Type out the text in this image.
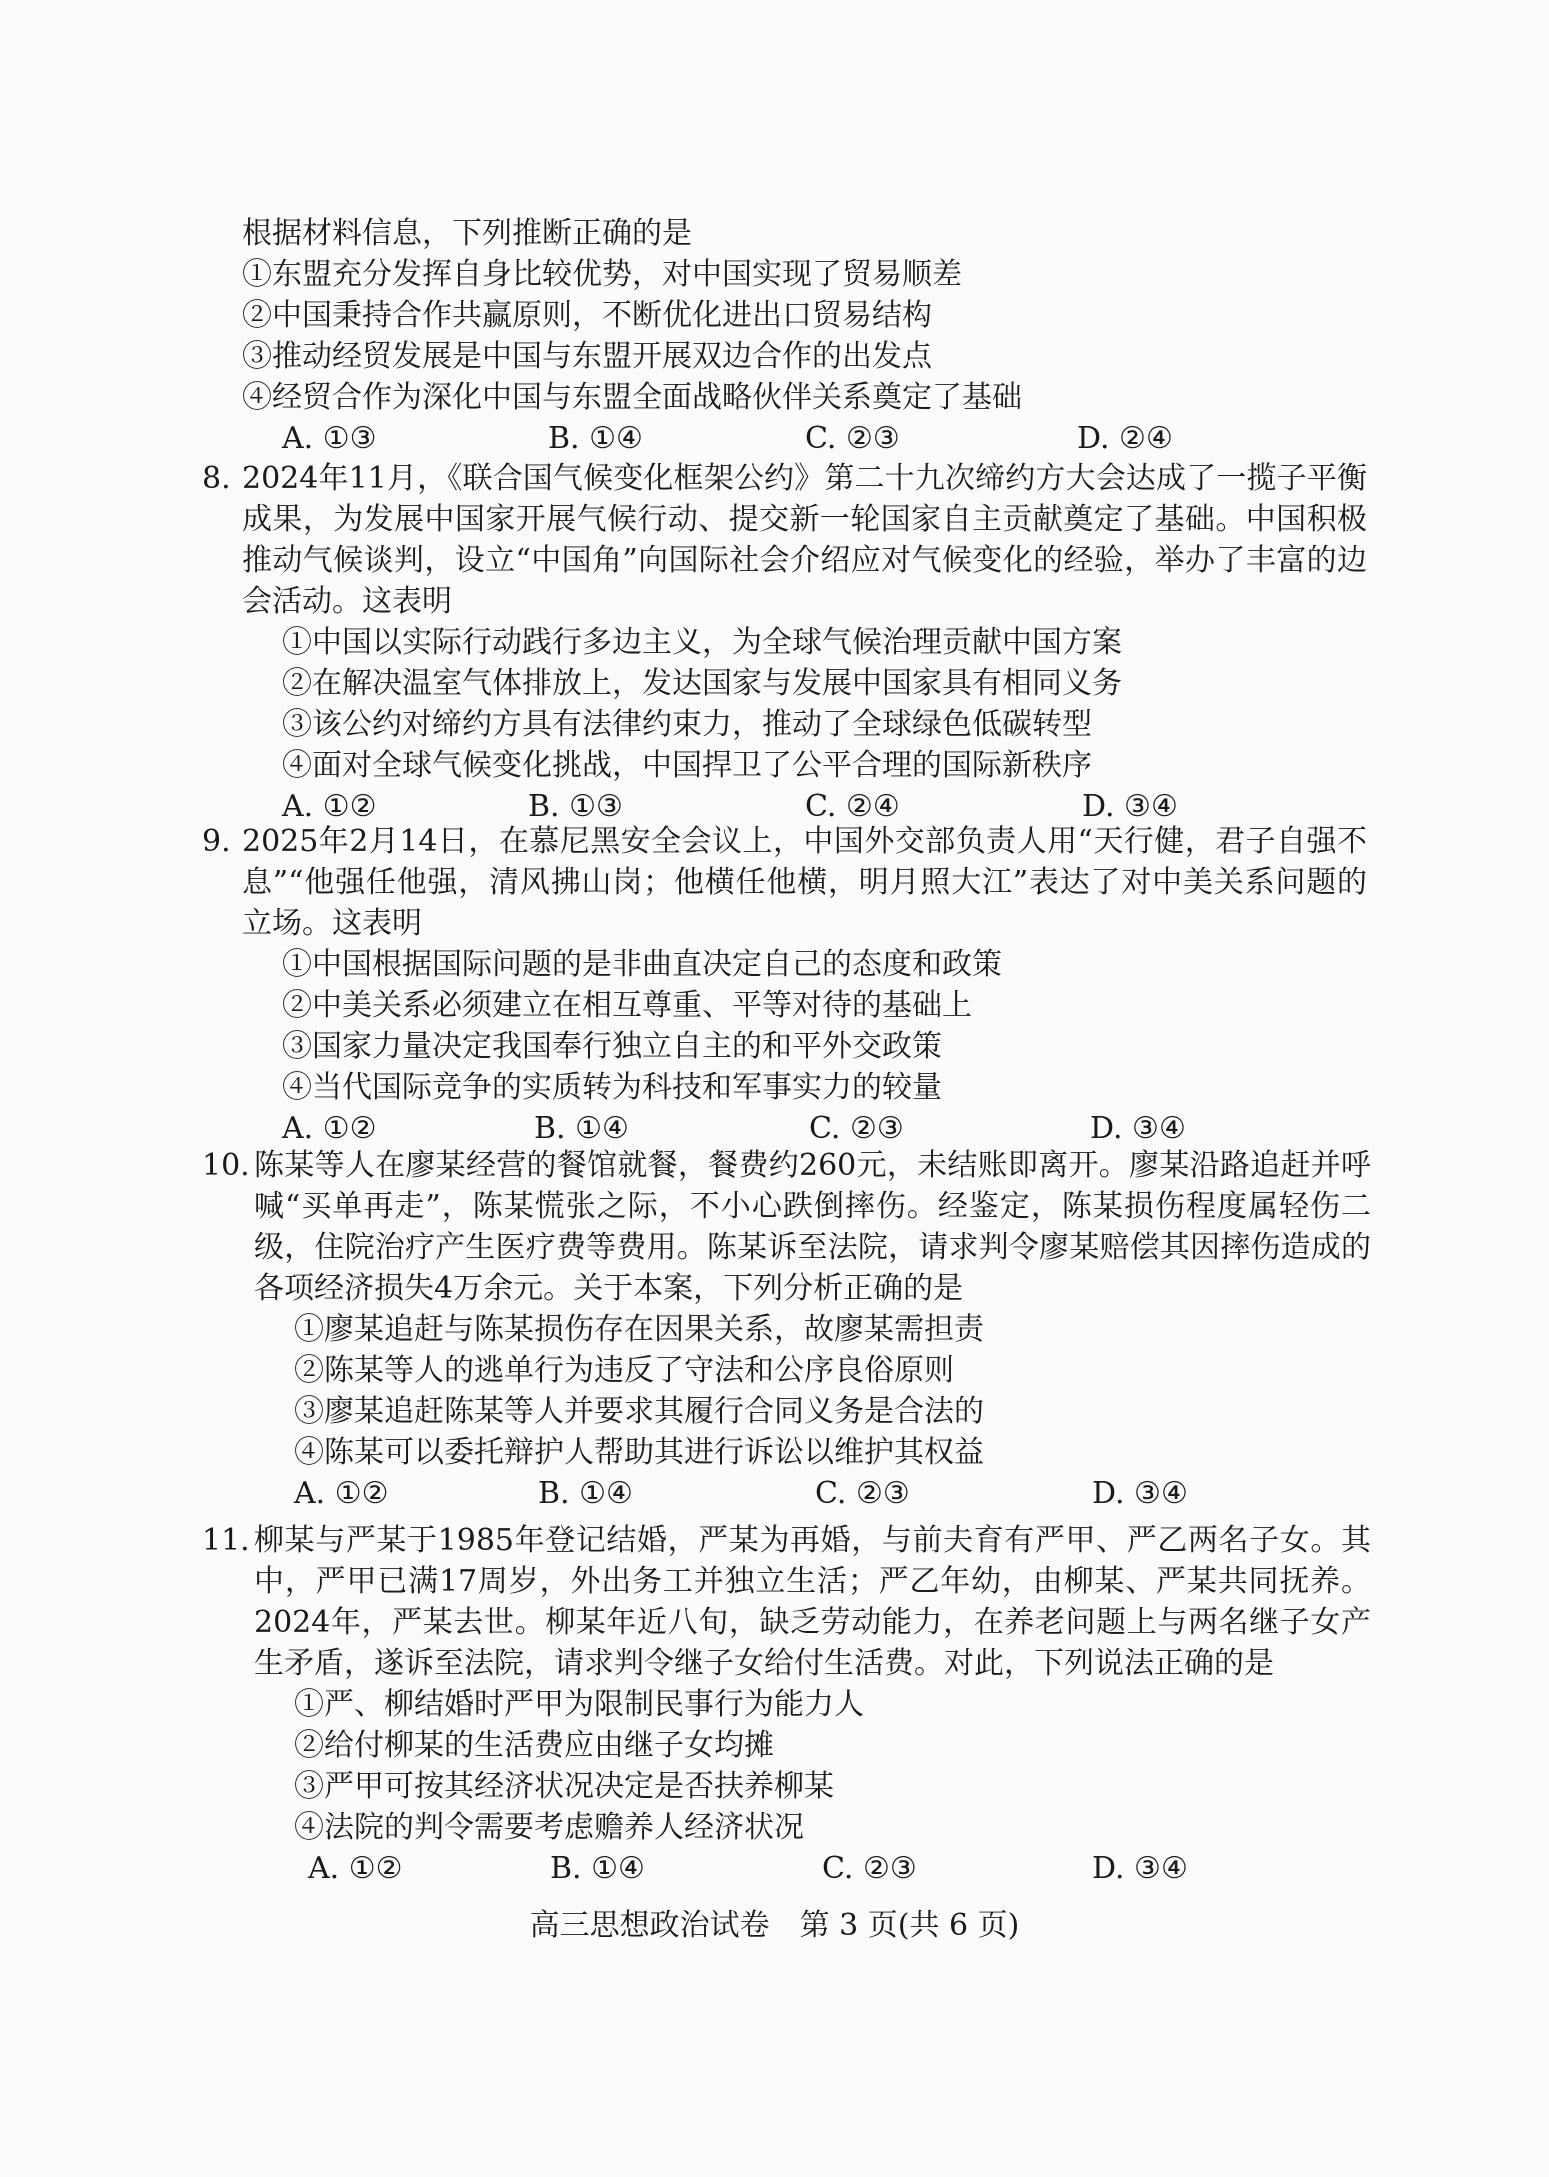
根据材料信息，下列推断正确的是
①东盟充分发挥自身比较优势，对中国实现了贸易顺差
②中国秉持合作共赢原则，不断优化进出口贸易结构
③推动经贸发展是中国与东盟开展双边合作的出发点
④经贸合作为深化中国与东盟全面战略伙伴关系奠定了基础
A. ①③	B. ①④	C. ②③	D. ②④
8. 2024年11月，《联合国气候变化框架公约》第二十九次缔约方大会达成了一揽子平衡成果，为发展中国家开展气候行动、提交新一轮国家自主贡献奠定了基础。中国积极推动气候谈判，设立“中国角”向国际社会介绍应对气候变化的经验，举办了丰富的边会活动。这表明
①中国以实际行动践行多边主义，为全球气候治理贡献中国方案
②在解决温室气体排放上，发达国家与发展中国家具有相同义务
③该公约对缔约方具有法律约束力，推动了全球绿色低碳转型
④面对全球气候变化挑战，中国捍卫了公平合理的国际新秩序
A. ①②	B. ①③	C. ②④	D. ③④
9. 2025年2月14日，在慕尼黑安全会议上，中国外交部负责人用“天行健，君子自强不息”“他强任他强，清风拂山岗；他横任他横，明月照大江”表达了对中美关系问题的立场。这表明
①中国根据国际问题的是非曲直决定自己的态度和政策
②中美关系必须建立在相互尊重、平等对待的基础上
③国家力量决定我国奉行独立自主的和平外交政策
④当代国际竞争的实质转为科技和军事实力的较量
A. ①②	B. ①④	C. ②③	D. ③④
10. 陈某等人在廖某经营的餐馆就餐，餐费约260元，未结账即离开。廖某沿路追赶并呼喊“买单再走”，陈某慌张之际，不小心跌倒摔伤。经鉴定，陈某损伤程度属轻伤二级，住院治疗产生医疗费等费用。陈某诉至法院，请求判令廖某赔偿其因摔伤造成的各项经济损失4万余元。关于本案，下列分析正确的是
①廖某追赶与陈某损伤存在因果关系，故廖某需担责
②陈某等人的逃单行为违反了守法和公序良俗原则
③廖某追赶陈某等人并要求其履行合同义务是合法的
④陈某可以委托辩护人帮助其进行诉讼以维护其权益
A. ①②	B. ①④	C. ②③	D. ③④
11. 柳某与严某于1985年登记结婚，严某为再婚，与前夫育有严甲、严乙两名子女。其中，严甲已满17周岁，外出务工并独立生活；严乙年幼，由柳某、严某共同抚养。2024年，严某去世。柳某年近八旬，缺乏劳动能力，在养老问题上与两名继子女产生矛盾，遂诉至法院，请求判令继子女给付生活费。对此，下列说法正确的是
①严、柳结婚时严甲为限制民事行为能力人
②给付柳某的生活费应由继子女均摊
③严甲可按其经济状况决定是否扶养柳某
④法院的判令需要考虑赡养人经济状况
A. ①②	B. ①④	C. ②③	D. ③④
高三思想政治试卷　第 3 页(共 6 页)
